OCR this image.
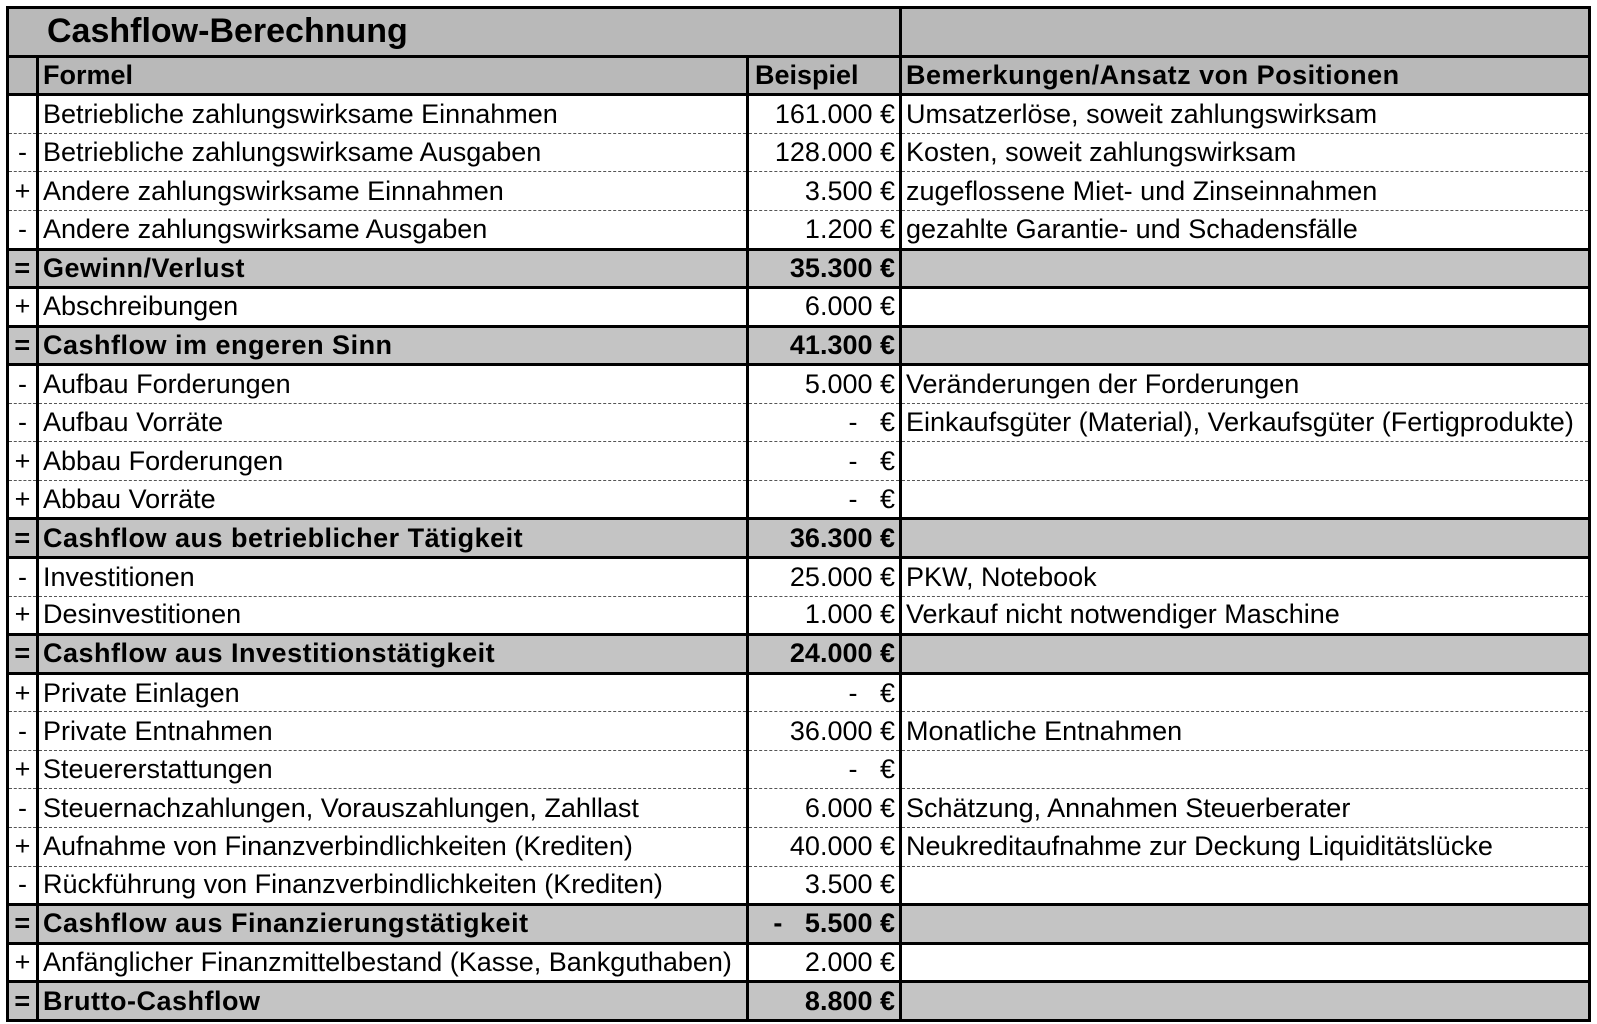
Cashflow-Berechnung			
	Formel	Beispiel	Bemerkungen/Ansatz von Positionen
	Betriebliche zahlungswirksame Einnahmen	161.000 €	Umsatzerlöse, soweit zahlungswirksam
-	Betriebliche zahlungswirksame Ausgaben	128.000 €	Kosten, soweit zahlungswirksam
+	Andere zahlungswirksame Einnahmen	3.500 €	zugeflossene Miet- und Zinseinnahmen
-	Andere zahlungswirksame Ausgaben	1.200 €	gezahlte Garantie- und Schadensfälle
=	Gewinn/Verlust	35.300 €	
+	Abschreibungen	6.000 €	
=	Cashflow im engeren Sinn	41.300 €	
-	Aufbau Forderungen	5.000 €	Veränderungen der Forderungen
-	Aufbau Vorräte	-   €	Einkaufsgüter (Material), Verkaufsgüter (Fertigprodukte)
+	Abbau Forderungen	-   €	
+	Abbau Vorräte	-   €	
=	Cashflow aus betrieblicher Tätigkeit	36.300 €	
-	Investitionen	25.000 €	PKW, Notebook
+	Desinvestitionen	1.000 €	Verkauf nicht notwendiger Maschine
=	Cashflow aus Investitionstätigkeit	24.000 €	
+	Private Einlagen	-   €	
-	Private Entnahmen	36.000 €	Monatliche Entnahmen
+	Steuererstattungen	-   €	
-	Steuernachzahlungen, Vorauszahlungen, Zahllast	6.000 €	Schätzung, Annahmen Steuerberater
+	Aufnahme von Finanzverbindlichkeiten (Krediten)	40.000 €	Neukreditaufnahme zur Deckung Liquiditätslücke
-	Rückführung von Finanzverbindlichkeiten (Krediten)	3.500 €	
=	Cashflow aus Finanzierungstätigkeit	-   5.500 €	
+	Anfänglicher Finanzmittelbestand (Kasse, Bankguthaben)	2.000 €	
=	Brutto-Cashflow	8.800 €	
